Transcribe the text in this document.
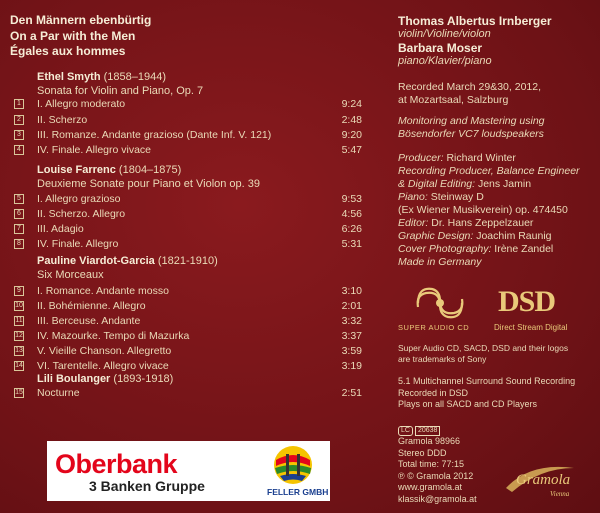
Den Männern ebenbürtig
On a Par with the Men
Égales aux hommes
Ethel Smyth (1858–1944)
Sonata for Violin and Piano, Op. 7
Louise Farrenc (1804–1875)
Deuxieme Sonate pour Piano et Violon op. 39
Pauline Viardot-Garcia (1821-1910)
Six Morceaux
Lili Boulanger (1893-1918)
1 I. Allegro moderato	9:24
2 II. Scherzo	2:48
3 III. Romanze. Andante grazioso (Dante Inf. V. 121)	9:20
4 IV. Finale. Allegro vivace	5:47
5 I. Allegro grazioso	9:53
6 II. Scherzo. Allegro	4:56
7 III. Adagio	6:26
8 IV. Finale. Allegro	5:31
9 I. Romance. Andante mosso	3:10
10 II. Bohémienne. Allegro	2:01
11 III. Berceuse. Andante	3:32
12 IV. Mazourke. Tempo di Mazurka	3:37
13 V. Vieille Chanson. Allegretto	3:59
14 VI. Tarentelle. Allegro vivace	3:19
15 Nocturne	2:51
Oberbank
3 Banken Gruppe	FELLER GMBH
Thomas Albertus Irnberger
violin/Violine/violon
Barbara Moser
piano/Klavier/piano
Recorded March 29&30, 2012,
at Mozartsaal, Salzburg
Monitoring and Mastering using
Bösendorfer VC7 loudspeakers
Producer: Richard Winter
Recording Producer, Balance Engineer
& Digital Editing: Jens Jamin
Piano: Steinway D
(Ex Wiener Musikverein) op. 474450
Editor: Dr. Hans Zeppelzauer
Graphic Design: Joachim Raunig
Cover Photography: Irène Zandel
Made in Germany
SUPER AUDIO CD
DSD
Direct Stream Digital
Super Audio CD, SACD, DSD and their logos
are trademarks of Sony
5.1 Multichannel Surround Sound Recording
Recorded in DSD
Plays on all SACD and CD Players
LC 20638
Gramola 98966
Stereo DDD
Total time: 77:15
℗ © Gramola 2012
www.gramola.at
klassik@gramola.at
Gramola
Vienna
